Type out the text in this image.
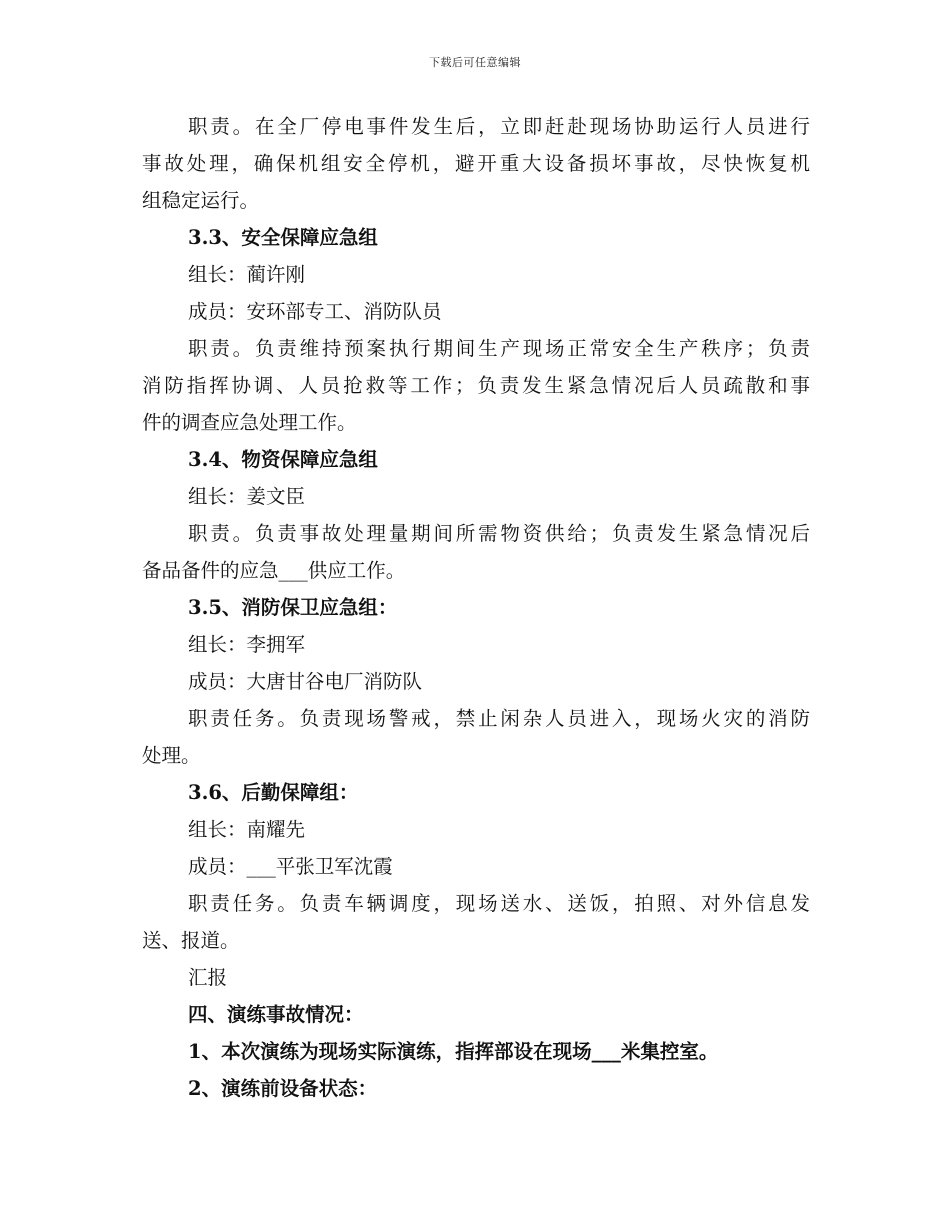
下载后可任意编辑
职责。在全厂停电事件发生后，立即赶赴现场协助运行人员进行
事故处理，确保机组安全停机，避开重大设备损坏事故，尽快恢复机
组稳定运行。
3.3、安全保障应急组
组长：蔺许刚
成员：安环部专工、消防队员
职责。负责维持预案执行期间生产现场正常安全生产秩序；负责
消防指挥协调、人员抢救等工作；负责发生紧急情况后人员疏散和事
件的调查应急处理工作。
3.4、物资保障应急组
组长：姜文臣
职责。负责事故处理量期间所需物资供给；负责发生紧急情况后
备品备件的应急___供应工作。
3.5、消防保卫应急组：
组长：李拥军
成员：大唐甘谷电厂消防队
职责任务。负责现场警戒，禁止闲杂人员进入，现场火灾的消防
处理。
3.6、后勤保障组：
组长：南耀先
成员：___平张卫军沈霞
职责任务。负责车辆调度，现场送水、送饭，拍照、对外信息发
送、报道。
汇报
四、演练事故情况：
1、本次演练为现场实际演练，指挥部设在现场___米集控室。
2、演练前设备状态：
